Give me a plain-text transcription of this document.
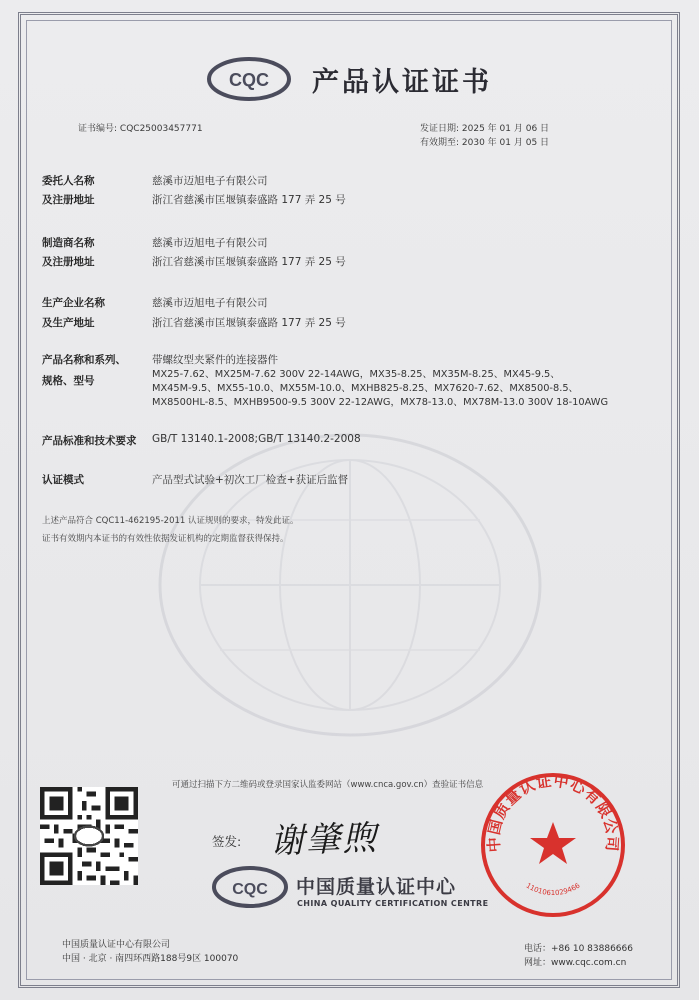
CQC 产品认证证书
证书编号: CQC25003457771	发证日期: 2025 年 01 月 06 日
有效期至: 2030 年 01 月 05 日
委托人名称
及注册地址
慈溪市迈旭电子有限公司
浙江省慈溪市匡堰镇泰盛路 177 弄 25 号
制造商名称
及注册地址
慈溪市迈旭电子有限公司
浙江省慈溪市匡堰镇泰盛路 177 弄 25 号
生产企业名称
及生产地址
慈溪市迈旭电子有限公司
浙江省慈溪市匡堰镇泰盛路 177 弄 25 号
产品名称和系列、
规格、型号
带螺纹型夹紧件的连接器件
MX25-7.62、MX25M-7.62 300V 22-14AWG，MX35-8.25、MX35M-8.25、MX45-9.5、
MX45M-9.5、MX55-10.0、MX55M-10.0、MXHB825-8.25、MX7620-7.62、MX8500-8.5、
MX8500HL-8.5、MXHB9500-9.5 300V 22-12AWG，MX78-13.0、MX78M-13.0 300V 18-10AWG
产品标准和技术要求 GB/T 13140.1-2008;GB/T 13140.2-2008
认证模式	产品型式试验+初次工厂检查+获证后监督
上述产品符合 CQC11-462195-2011 认证规则的要求，特发此证。
证书有效期内本证书的有效性依据发证机构的定期监督获得保持。
可通过扫描下方二维码或登录国家认监委网站（www.cnca.gov.cn）查验证书信息
签发: 谢肇煦
CQC 中国质量认证中心
CHINA QUALITY CERTIFICATION CENTRE
中国质量认证中心有限公司
1101061029466
中国质量认证中心有限公司
中国 · 北京 · 南四环西路188号9区 100070
电话：+86 10 83886666
网址：www.cqc.com.cn
